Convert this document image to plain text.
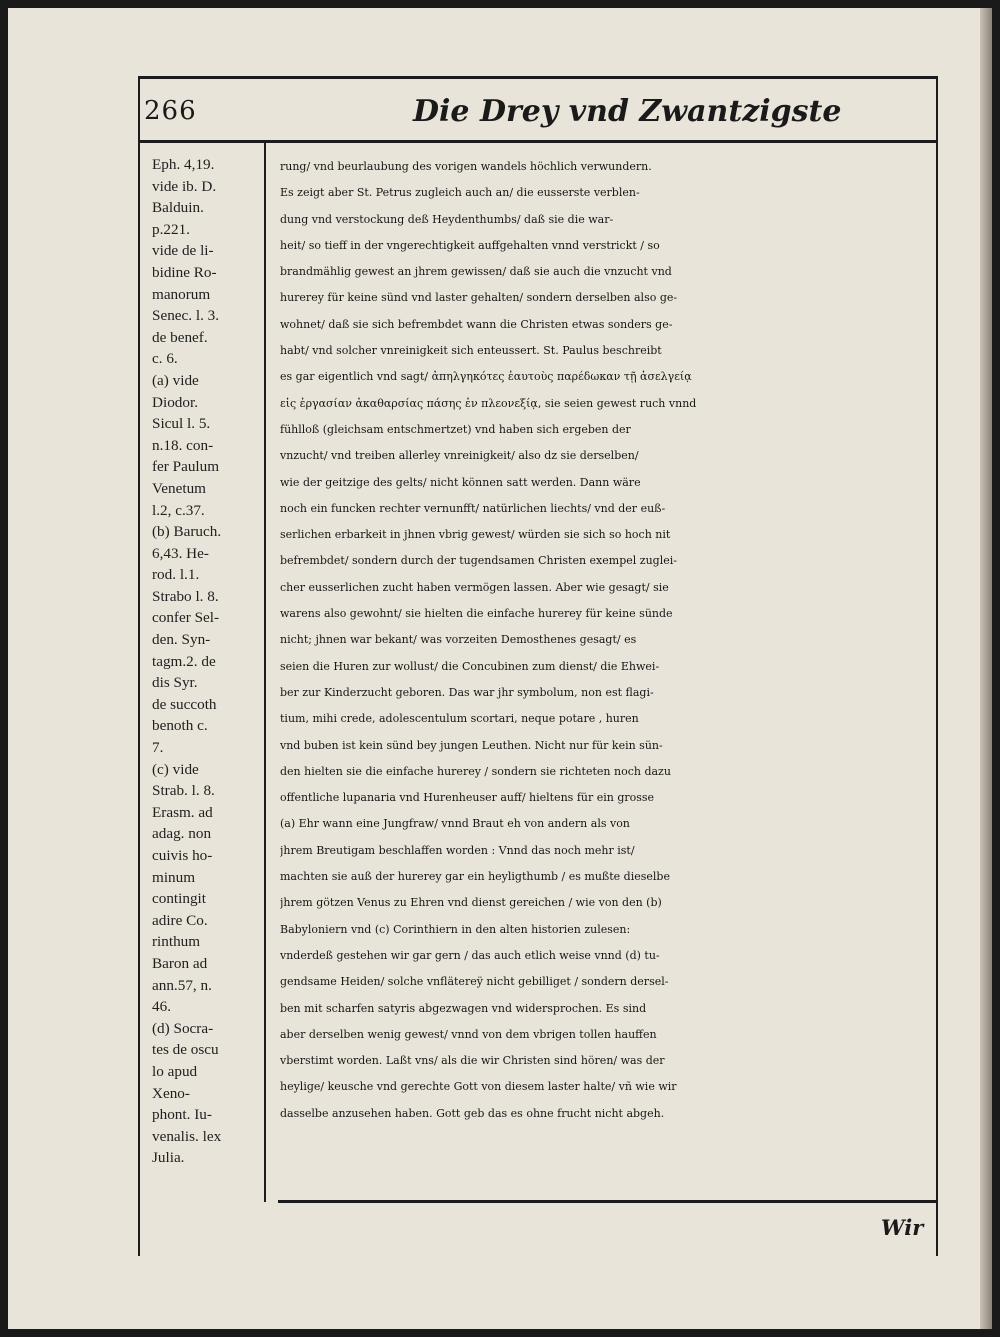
266	Die Drey vnd Zwantzigste
Eph. 4,19.
vide ib. D.
Balduin.
p.221.
vide de li-
bidine Ro-
manorum
Senec. l. 3.
de benef.
c. 6.
(a) vide
Diodor.
Sicul l. 5.
n.18. con-
fer Paulum
Venetum
l.2, c.37.
(b) Baruch.
6,43. He-
rod. l.1.
Strabo l. 8.
confer Sel-
den. Syn-
tagm.2. de
dis Syr.
de succoth
benoth c.
7.
(c) vide
Strab. l. 8.
Erasm. ad
adag. non
cuivis ho-
minum
contingit
adire Co.
rinthum
Baron ad
ann.57, n.
46.
(d) Socra-
tes de oscu
lo apud
Xeno-
phont. Iu-
venalis. lex
Julia.
rung/ vnd beurlaubung des vorigen wandels höchlich verwundern.
Es zeigt aber St. Petrus zugleich auch an/ die eusserste verblen-
dung vnd verstockung deß Heydenthumbs/ daß sie die war-
heit/ so tieff in der vngerechtigkeit auffgehalten vnnd verstrickt / so
brandmählig gewest an jhrem gewissen/ daß sie auch die vnzucht vnd
hurerey für keine sünd vnd laster gehalten/ sondern derselben also ge-
wohnet/ daß sie sich befrembdet wann die Christen etwas sonders ge-
habt/ vnd solcher vnreinigkeit sich enteussert. St. Paulus beschreibt
es gar eigentlich vnd sagt/ ἀπηλγηκότες ἑαυτοὺς παρέδωκαν τῇ ἀσελγείᾳ
εἰς ἐργασίαν ἀκαθαρσίας πάσης ἐν πλεονεξίᾳ, sie seien gewest ruch vnnd
fühlloß (gleichsam entschmertzet) vnd haben sich ergeben der
vnzucht/ vnd treiben allerley vnreinigkeit/ also dz sie derselben/
wie der geitzige des gelts/ nicht können satt werden. Dann wäre
noch ein funcken rechter vernunfft/ natürlichen liechts/ vnd der euß-
serlichen erbarkeit in jhnen vbrig gewest/ würden sie sich so hoch nit
befrembdet/ sondern durch der tugendsamen Christen exempel zuglei-
cher eusserlichen zucht haben vermögen lassen. Aber wie gesagt/ sie
warens also gewohnt/ sie hielten die einfache hurerey für keine sünde
nicht; jhnen war bekant/ was vorzeiten Demosthenes gesagt/ es
seien die Huren zur wollust/ die Concubinen zum dienst/ die Ehwei-
ber zur Kinderzucht geboren. Das war jhr symbolum, non est flagi-
tium, mihi crede, adolescentulum scortari, neque potare , huren
vnd buben ist kein sünd bey jungen Leuthen. Nicht nur für kein sün-
den hielten sie die einfache hurerey / sondern sie richteten noch dazu
offentliche lupanaria vnd Hurenheuser auff/ hieltens für ein grosse
(a) Ehr wann eine Jungfraw/ vnnd Braut eh von andern als von
jhrem Breutigam beschlaffen worden : Vnnd das noch mehr ist/
machten sie auß der hurerey gar ein heyligthumb / es mußte dieselbe
jhrem götzen Venus zu Ehren vnd dienst gereichen / wie von den (b)
Babyloniern vnd (c) Corinthiern in den alten historien zulesen:
vnderdeß gestehen wir gar gern / das auch etlich weise vnnd (d) tu-
gendsame Heiden/ solche vnflätereÿ nicht gebilliget / sondern dersel-
ben mit scharfen satyris abgezwagen vnd widersprochen. Es sind
aber derselben wenig gewest/ vnnd von dem vbrigen tollen hauffen
vberstimt worden. Laßt vns/ als die wir Christen sind hören/ was der
heylige/ keusche vnd gerechte Gott von diesem laster halte/ vñ wie wir
dasselbe anzusehen haben. Gott geb das es ohne frucht nicht abgeh.
Wir
